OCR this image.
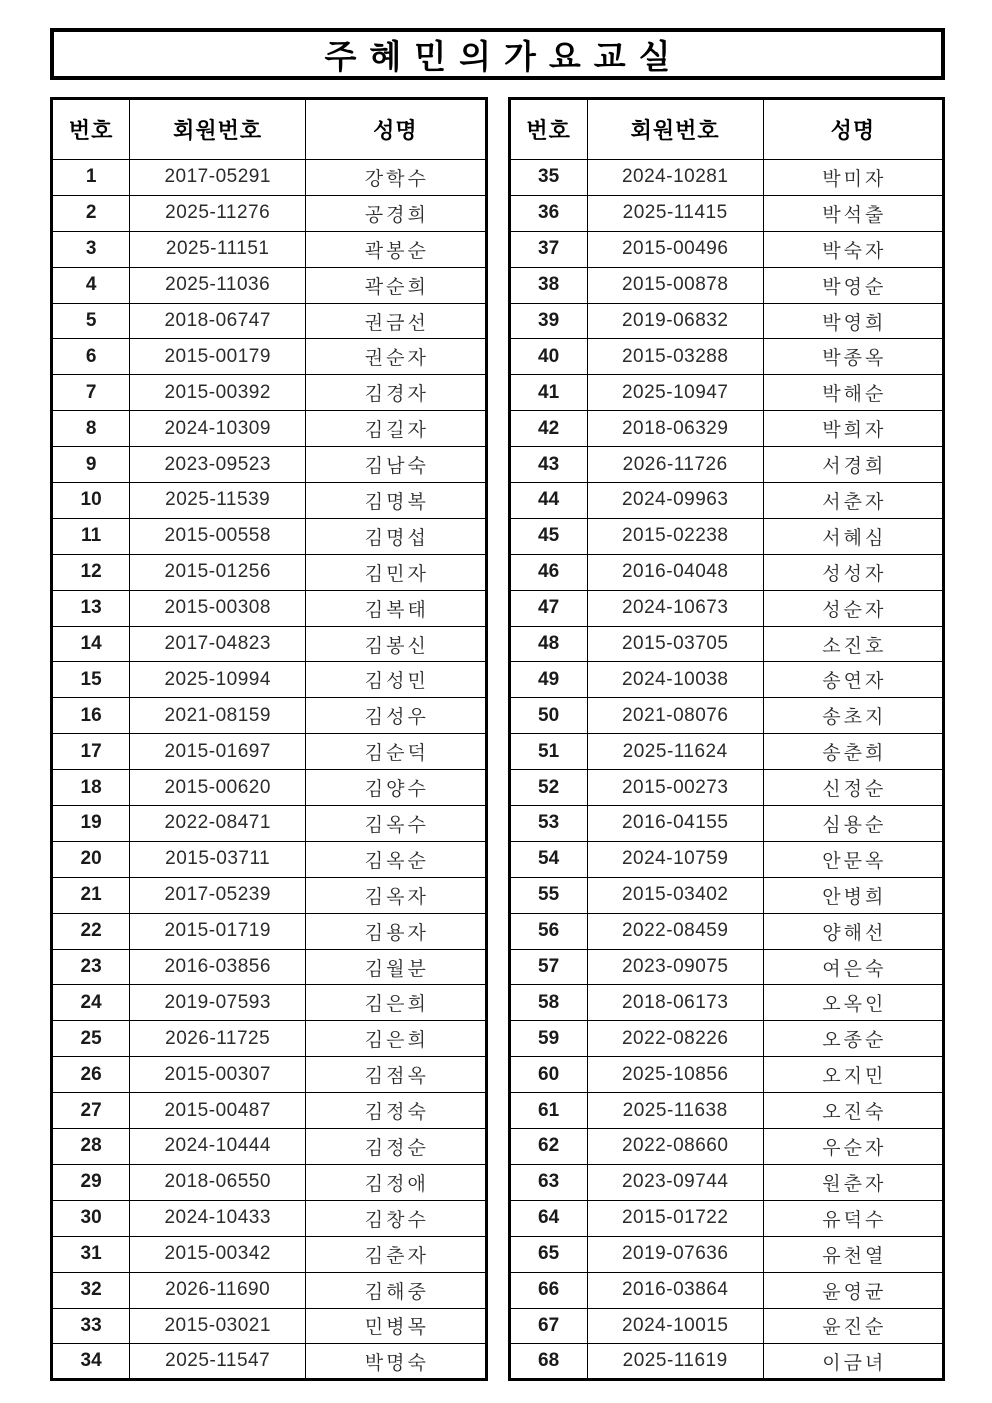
주혜민의가요교실
번호	회원번호	성명
1	2017-05291	강학수
2	2025-11276	공경희
3	2025-11151	곽봉순
4	2025-11036	곽순희
5	2018-06747	권금선
6	2015-00179	권순자
7	2015-00392	김경자
8	2024-10309	김길자
9	2023-09523	김남숙
10	2025-11539	김명복
11	2015-00558	김명섭
12	2015-01256	김민자
13	2015-00308	김복태
14	2017-04823	김봉신
15	2025-10994	김성민
16	2021-08159	김성우
17	2015-01697	김순덕
18	2015-00620	김양수
19	2022-08471	김옥수
20	2015-03711	김옥순
21	2017-05239	김옥자
22	2015-01719	김용자
23	2016-03856	김월분
24	2019-07593	김은희
25	2026-11725	김은희
26	2015-00307	김점옥
27	2015-00487	김정숙
28	2024-10444	김정순
29	2018-06550	김정애
30	2024-10433	김창수
31	2015-00342	김춘자
32	2026-11690	김해중
33	2015-03021	민병목
34	2025-11547	박명숙
번호	회원번호	성명
35	2024-10281	박미자
36	2025-11415	박석출
37	2015-00496	박숙자
38	2015-00878	박영순
39	2019-06832	박영희
40	2015-03288	박종옥
41	2025-10947	박해순
42	2018-06329	박희자
43	2026-11726	서경희
44	2024-09963	서춘자
45	2015-02238	서혜심
46	2016-04048	성성자
47	2024-10673	성순자
48	2015-03705	소진호
49	2024-10038	송연자
50	2021-08076	송초지
51	2025-11624	송춘희
52	2015-00273	신정순
53	2016-04155	심용순
54	2024-10759	안문옥
55	2015-03402	안병희
56	2022-08459	양해선
57	2023-09075	여은숙
58	2018-06173	오옥인
59	2022-08226	오종순
60	2025-10856	오지민
61	2025-11638	오진숙
62	2022-08660	우순자
63	2023-09744	원춘자
64	2015-01722	유덕수
65	2019-07636	유천열
66	2016-03864	윤영균
67	2024-10015	윤진순
68	2025-11619	이금녀
